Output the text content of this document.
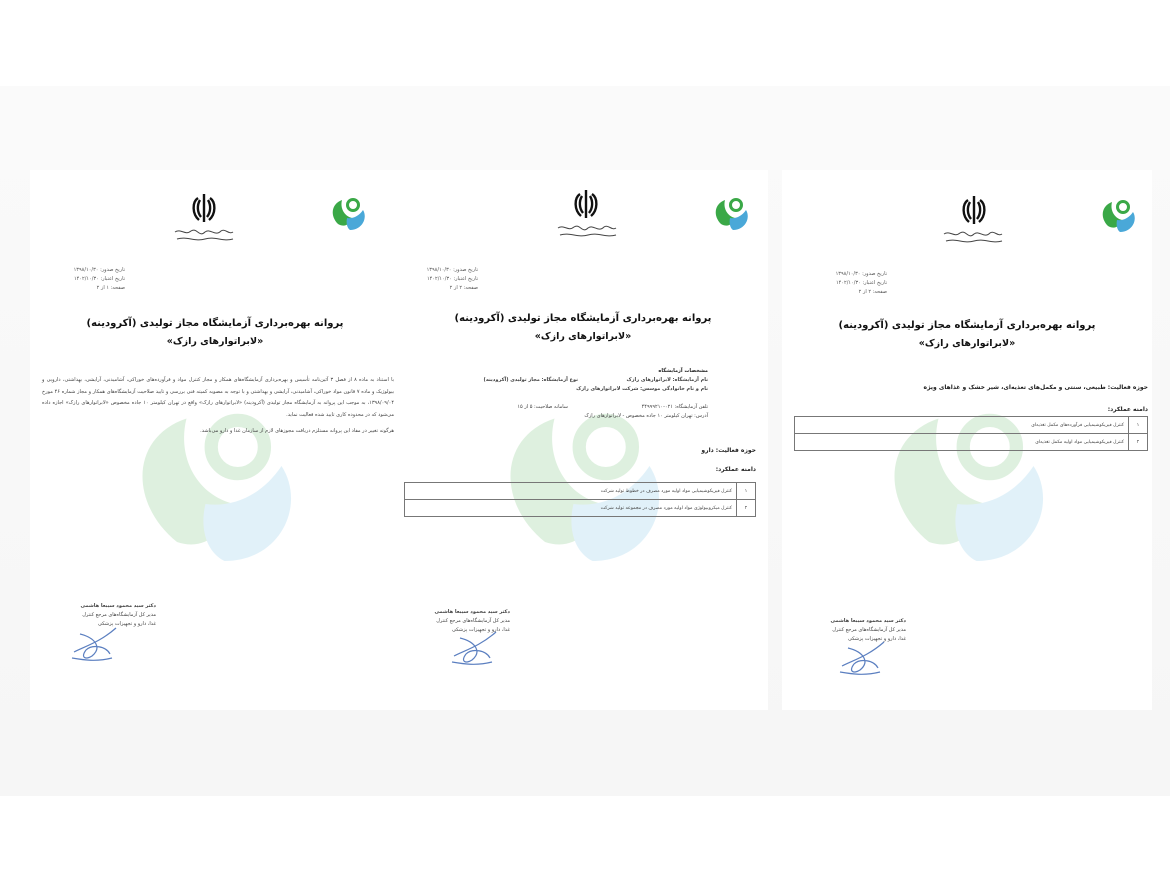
تاریخ صدور: ۱۳۹۸/۱۰/۳۰
تاریخ اعتبار: ۱۴۰۲/۱۰/۳۰
صفحه: ۱ از ۲
پروانه بهره‌برداری آزمایشگاه مجاز تولیدی (آکرودینه)
«لابراتوارهای رازک»

با استناد به ماده ۸ از فصل ۳ آئین‌نامه تأسیس و بهره‌برداری آزمایشگاه‌های همکار و مجاز کنترل مواد و فرآورده‌های خوراکی، آشامیدنی، آرایشی، بهداشتی، دارویی و بیولوژیک و ماده ۷ قانون مواد خوراکی، آشامیدنی، آرایشی و بهداشتی و با توجه به مصوبه کمیته فنی بررسی و تایید صلاحیت آزمایشگاه‌های همکار و مجاز شماره ۴۶ مورخ ۱۳۹۸/۰۹/۰۴، به موجب این پروانه به آزمایشگاه مجاز تولیدی (آکرودینه) «لابراتوارهای رازک» واقع در تهران کیلومتر ۱۰ جاده مخصوص «لابراتوارهای رازک» اجازه داده می‌شود که در محدوده کاری تایید شده فعالیت نماید.

هرگونه تغییر در مفاد این پروانه مستلزم دریافت مجوزهای لازم از سازمان غذا و دارو می‌باشد.

دکتر سید محمود سیبعا هاشمی
مدیر کل آزمایشگاه‌های مرجع کنترل
غذا، دارو و تجهیزات پزشکی
تاریخ صدور: ۱۳۹۸/۱۰/۳۰
تاریخ اعتبار: ۱۴۰۲/۱۰/۳۰
صفحه: ۲ از ۲
پروانه بهره‌برداری آزمایشگاه مجاز تولیدی (آکرودینه)
«لابراتوارهای رازک»
مشخصات آزمایشگاه
نام آزمایشگاه: لابراتوارهای رازک
نام و نام خانوادگی موسس: شرکت لابراتوارهای رازک
نوع آزمایشگاه: مجاز تولیدی (آکرودینه)
تلفن آزمایشگاه: ۰۲۱-۴۴۹۹۹۲۱۰
سامانه صلاحیت: ۵ از ۱۵
آدرس: تهران کیلومتر ۱۰ جاده مخصوص - لابراتوارهای رازک
حوزه فعالیت: دارو
دامنه عملکرد:
۱	کنترل فیزیکوشیمیایی مواد اولیه مورد مصرف در خطوط تولید شرکت
۲	کنترل میکروبیولوژی مواد اولیه مورد مصرف در مجموعه تولید شرکت
دکتر سید محمود سیبعا هاشمی
مدیر کل آزمایشگاه‌های مرجع کنترل
غذا، دارو و تجهیزات پزشکی
تاریخ صدور: ۱۳۹۸/۱۰/۳۰
تاریخ اعتبار: ۱۴۰۲/۱۰/۳۰
صفحه: ۲ از ۲
پروانه بهره‌برداری آزمایشگاه مجاز تولیدی (آکرودینه)
«لابراتوارهای رازک»
حوزه فعالیت: طبیعی، سنتی و مکمل‌های تغذیه‌ای، شیر خشک و غذاهای ویژه
دامنه عملکرد:
۱	کنترل فیزیکوشیمیایی فرآورده‌های مکمل تغذیه‌ای
۲	کنترل فیزیکوشیمیایی مواد اولیه مکمل تغذیه‌ای
دکتر سید محمود سیبعا هاشمی
مدیر کل آزمایشگاه‌های مرجع کنترل
غذا، دارو و تجهیزات پزشکی
